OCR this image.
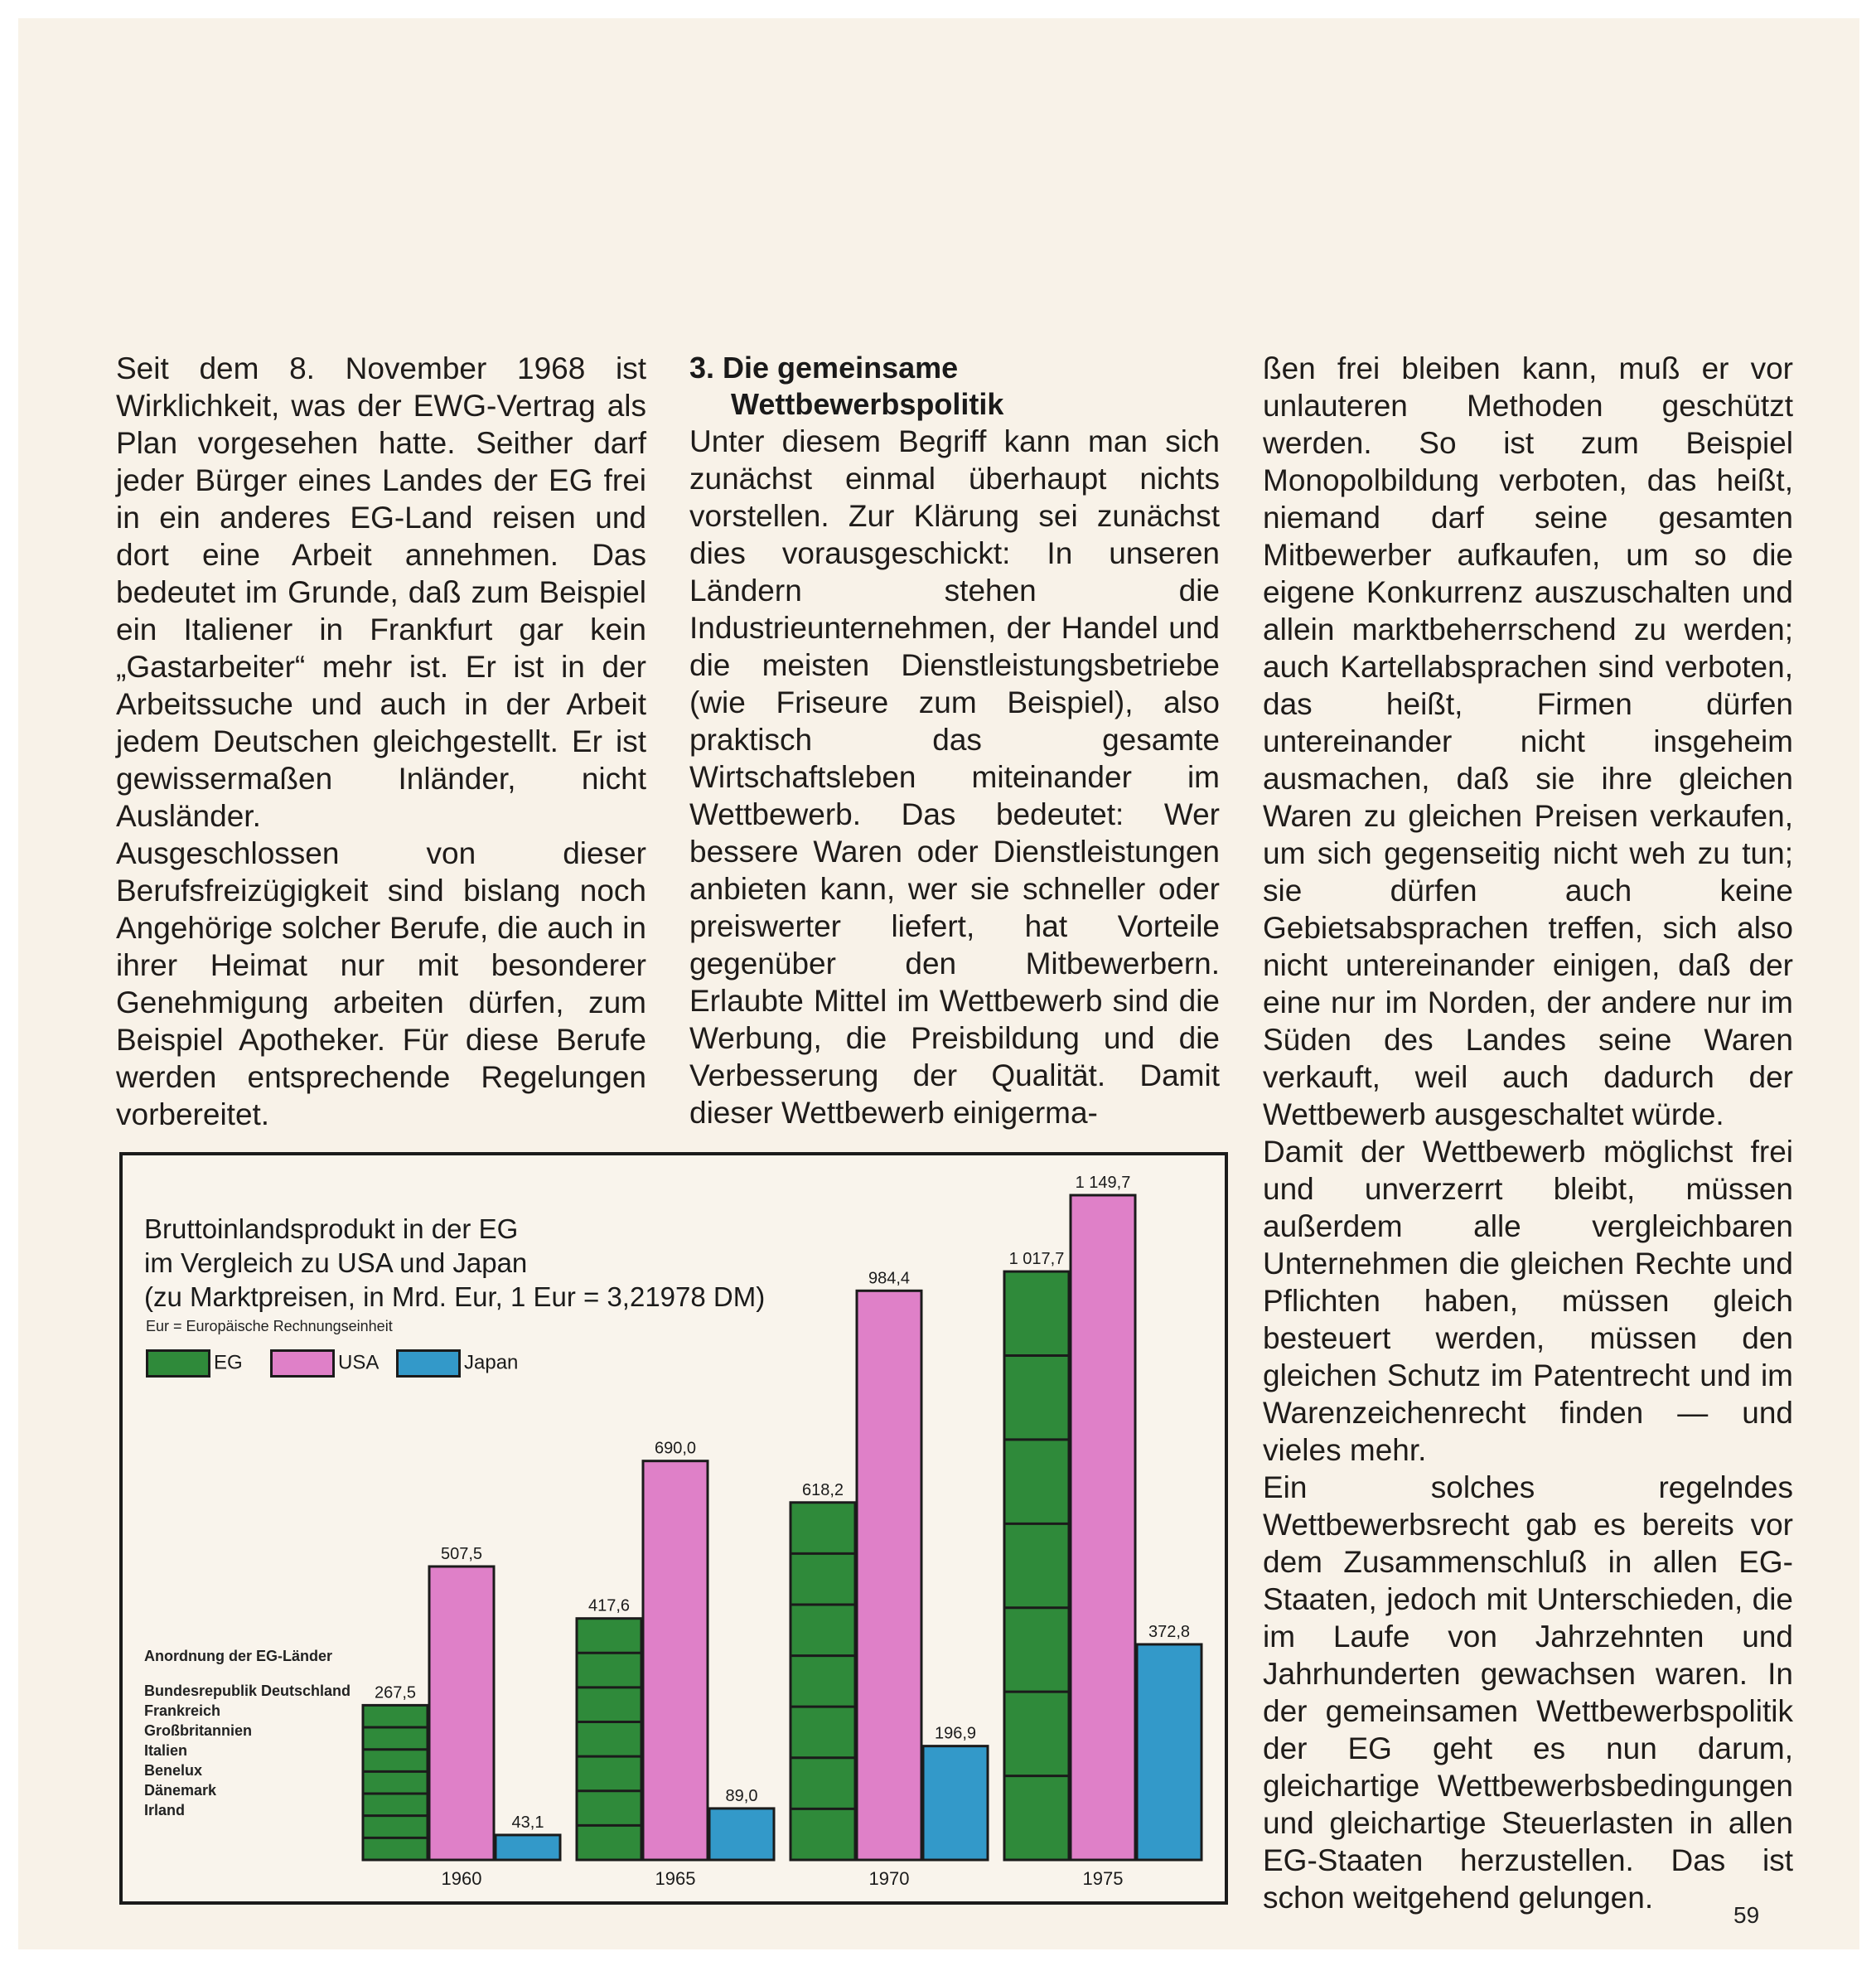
Seit dem 8. November 1968 ist Wirklichkeit, was der EWG-Vertrag als Plan vorgesehen hatte. Seither darf jeder Bürger eines Landes der EG frei in ein anderes EG-Land reisen und dort eine Arbeit annehmen. Das bedeutet im Grunde, daß zum Beispiel ein Italiener in Frankfurt gar kein „Gastarbeiter“ mehr ist. Er ist in der Arbeitssuche und auch in der Arbeit jedem Deutschen gleichgestellt. Er ist gewissermaßen Inländer, nicht Ausländer.

Ausgeschlossen von dieser Berufsfreizügigkeit sind bislang noch Angehörige solcher Berufe, die auch in ihrer Heimat nur mit besonderer Genehmigung arbeiten dürfen, zum Beispiel Apotheker. Für diese Berufe werden entsprechende Regelungen vorbereitet.

3. Die gemeinsame Wettbewerbspolitik

Unter diesem Begriff kann man sich zunächst einmal überhaupt nichts vorstellen. Zur Klärung sei zunächst dies vorausgeschickt: In unseren Ländern stehen die Industrieunternehmen, der Handel und die meisten Dienstleistungsbetriebe (wie Friseure zum Beispiel), also praktisch das gesamte Wirtschaftsleben miteinander im Wettbewerb. Das bedeutet: Wer bessere Waren oder Dienstleistungen anbieten kann, wer sie schneller oder preiswerter liefert, hat Vorteile gegenüber den Mitbewerbern. Erlaubte Mittel im Wettbewerb sind die Werbung, die Preisbildung und die Verbesserung der Qualität. Damit dieser Wettbewerb einigerma-

ßen frei bleiben kann, muß er vor unlauteren Methoden geschützt werden. So ist zum Beispiel Monopolbildung verboten, das heißt, niemand darf seine gesamten Mitbewerber aufkaufen, um so die eigene Konkurrenz auszuschalten und allein marktbeherrschend zu werden; auch Kartellabsprachen sind verboten, das heißt, Firmen dürfen untereinander nicht insgeheim ausmachen, daß sie ihre gleichen Waren zu gleichen Preisen verkaufen, um sich gegenseitig nicht weh zu tun; sie dürfen auch keine Gebietsabsprachen treffen, sich also nicht untereinander einigen, daß der eine nur im Norden, der andere nur im Süden des Landes seine Waren verkauft, weil auch dadurch der Wettbewerb ausgeschaltet würde.

Damit der Wettbewerb möglichst frei und unverzerrt bleibt, müssen außerdem alle vergleichbaren Unternehmen die gleichen Rechte und Pflichten haben, müssen gleich besteuert werden, müssen den gleichen Schutz im Patentrecht und im Warenzeichenrecht finden — und vieles mehr.

Ein solches regelndes Wettbewerbsrecht gab es bereits vor dem Zusammenschluß in allen EG-Staaten, jedoch mit Unterschieden, die im Laufe von Jahrzehnten und Jahrhunderten gewachsen waren. In der gemeinsamen Wettbewerbspolitik der EG geht es nun darum, gleichartige Wettbewerbsbedingungen und gleichartige Steuerlasten in allen EG-Staaten herzustellen. Das ist schon weitgehend gelungen.

Bruttoinlandsprodukt in der EG
im Vergleich zu USA und Japan
(zu Marktpreisen, in Mrd. Eur, 1 Eur = 3,21978 DM)
Eur = Europäische Rechnungseinheit
EG	USA	Japan
Anordnung der EG-Länder
Bundesrepublik Deutschland
Frankreich
Großbritannien
Italien
Benelux
Dänemark
Irland
267,5
507,5
43,1
1960
417,6
690,0
89,0
1965
618,2
984,4
196,9
1970
1 017,7
1 149,7
372,8
1975
59
